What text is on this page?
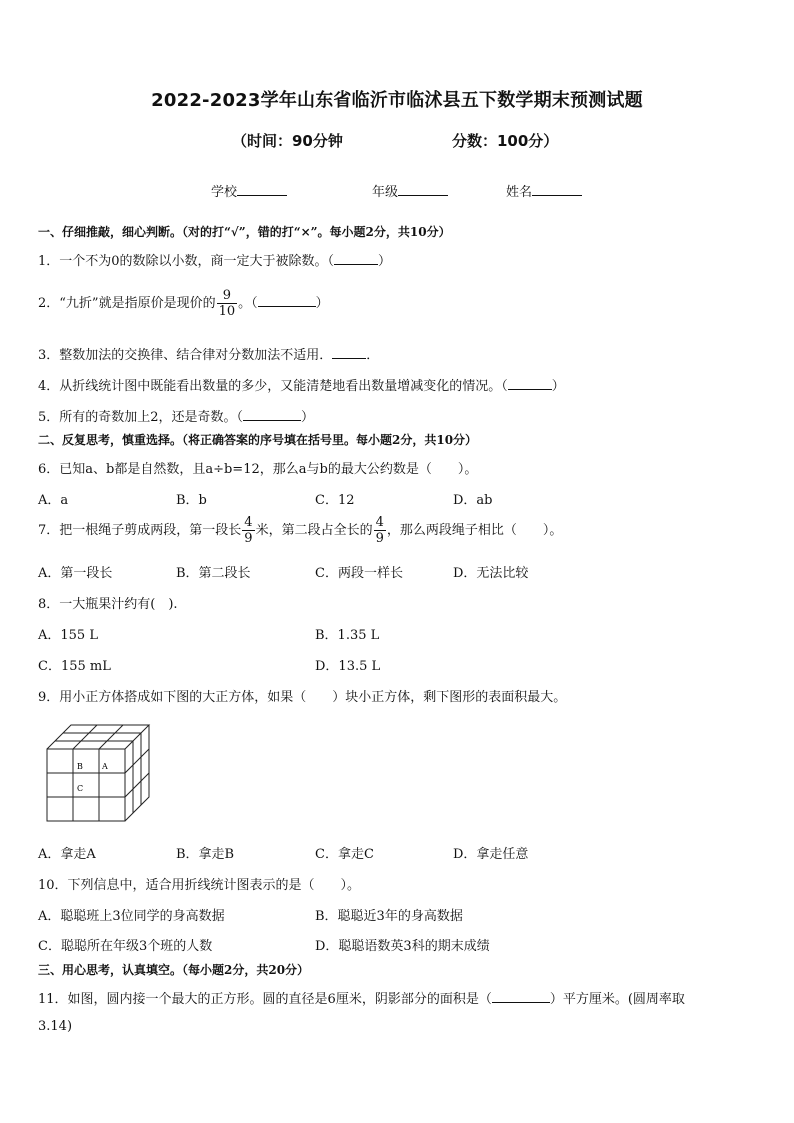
2022-2023学年山东省临沂市临沭县五下数学期末预测试题
（时间：90分钟	分数：100分）
学校	年级	姓名
一、仔细推敲，细心判断。（对的打“√”，错的打“×”。每小题2分，共10分）
1．一个不为0的数除以小数，商一定大于被除数。（	）
2．“九折”就是指原价是现价的 $\frac{9}{10}$ 。（	）
3．整数加法的交换律、结合律对分数加法不适用．	．
4．从折线统计图中既能看出数量的多少，又能清楚地看出数量增减变化的情况。（	）
5．所有的奇数加上2，还是奇数。（	）
二、反复思考，慎重选择。（将正确答案的序号填在括号里。每小题2分，共10分）
6．已知a、b都是自然数，且a÷b=12，那么a与b的最大公约数是（　　）。
A．a	B．b	C．12	D．ab
7．把一根绳子剪成两段，第一段长 $\frac{4}{9}$ 米，第二段占全长的 $\frac{4}{9}$ ，那么两段绳子相比（　　）。
A．第一段长	B．第二段长	C．两段一样长	D．无法比较
8．一大瓶果汁约有(　).
A．155 L	B．1.35 L
C．155 mL	D．13.5 L
9．用小正方体搭成如下图的大正方体，如果（　　）块小正方体，剩下图形的表面积最大。
B A
C
A．拿走A	B．拿走B	C．拿走C	D．拿走任意
10．下列信息中，适合用折线统计图表示的是（　　）。
A．聪聪班上3位同学的身高数据	B．聪聪近3年的身高数据
C．聪聪所在年级3个班的人数	D．聪聪语数英3科的期末成绩
三、用心思考，认真填空。（每小题2分，共20分）
11．如图，圆内接一个最大的正方形。圆的直径是6厘米，阴影部分的面积是（	）平方厘米。(圆周率取
3.14)
